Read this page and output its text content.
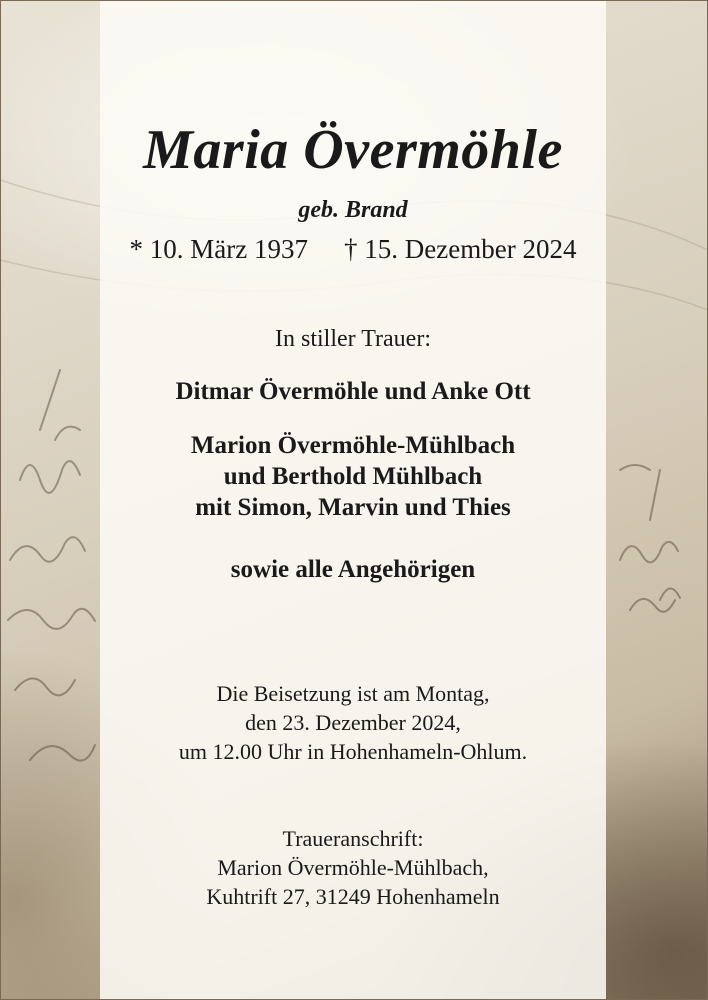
Maria Övermöhle
geb. Brand
* 10. März 1937 † 15. Dezember 2024
In stiller Trauer:
Ditmar Övermöhle und Anke Ott
Marion Övermöhle-Mühlbach
und Berthold Mühlbach
mit Simon, Marvin und Thies
sowie alle Angehörigen
Die Beisetzung ist am Montag,
den 23. Dezember 2024,
um 12.00 Uhr in Hohenhameln-Ohlum.
Traueranschrift:
Marion Övermöhle-Mühlbach,
Kuhtrift 27, 31249 Hohenhameln
